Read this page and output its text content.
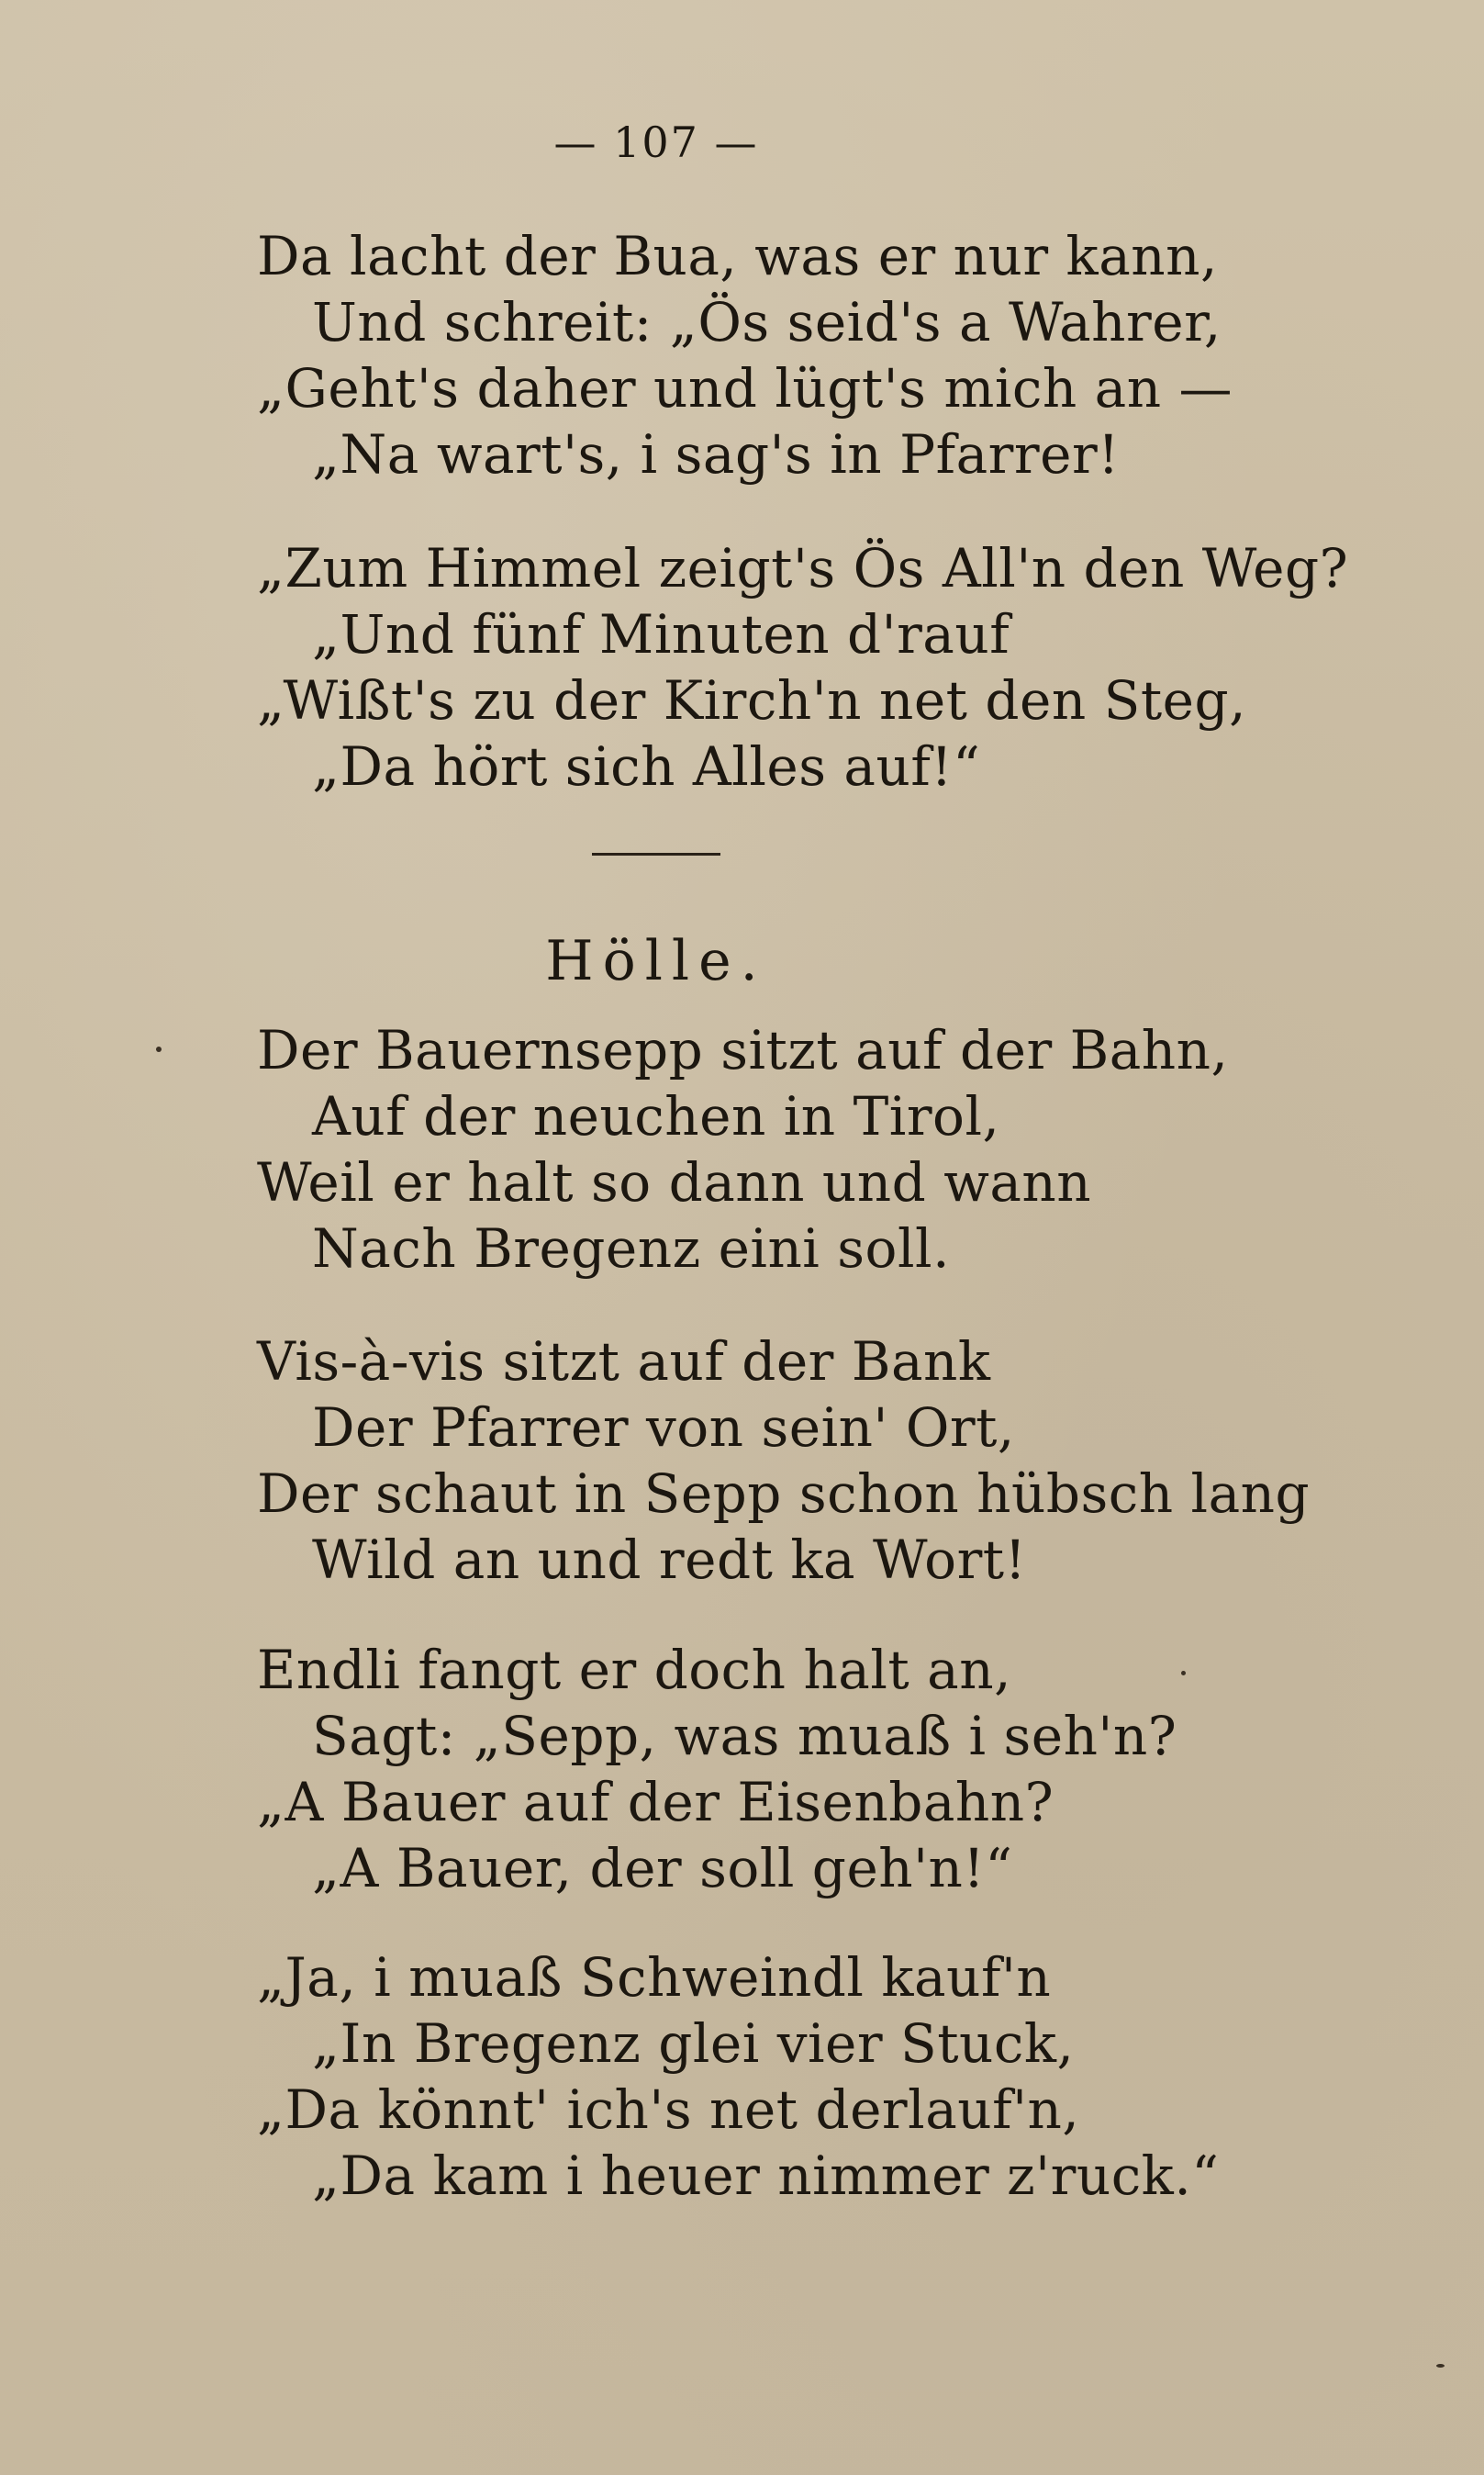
— 107 —
Da lacht der Bua, was er nur kann,
Und schreit: „Ös seid's a Wahrer,
„Geht's daher und lügt's mich an —
„Na wart's, i sag's in Pfarrer!
„Zum Himmel zeigt's Ös All'n den Weg?
„Und fünf Minuten d'rauf
„Wißt's zu der Kirch'n net den Steg,
„Da hört sich Alles auf!“
Hölle.
Der Bauernsepp sitzt auf der Bahn,
Auf der neuchen in Tirol,
Weil er halt so dann und wann
Nach Bregenz eini soll.
Vis-à-vis sitzt auf der Bank
Der Pfarrer von sein' Ort,
Der schaut in Sepp schon hübsch lang
Wild an und redt ka Wort!
Endli fangt er doch halt an,
Sagt: „Sepp, was muaß i seh'n?
„A Bauer auf der Eisenbahn?
„A Bauer, der soll geh'n!“
„Ja, i muaß Schweindl kauf'n
„In Bregenz glei vier Stuck,
„Da könnt' ich's net derlauf'n,
„Da kam i heuer nimmer z'ruck.“
